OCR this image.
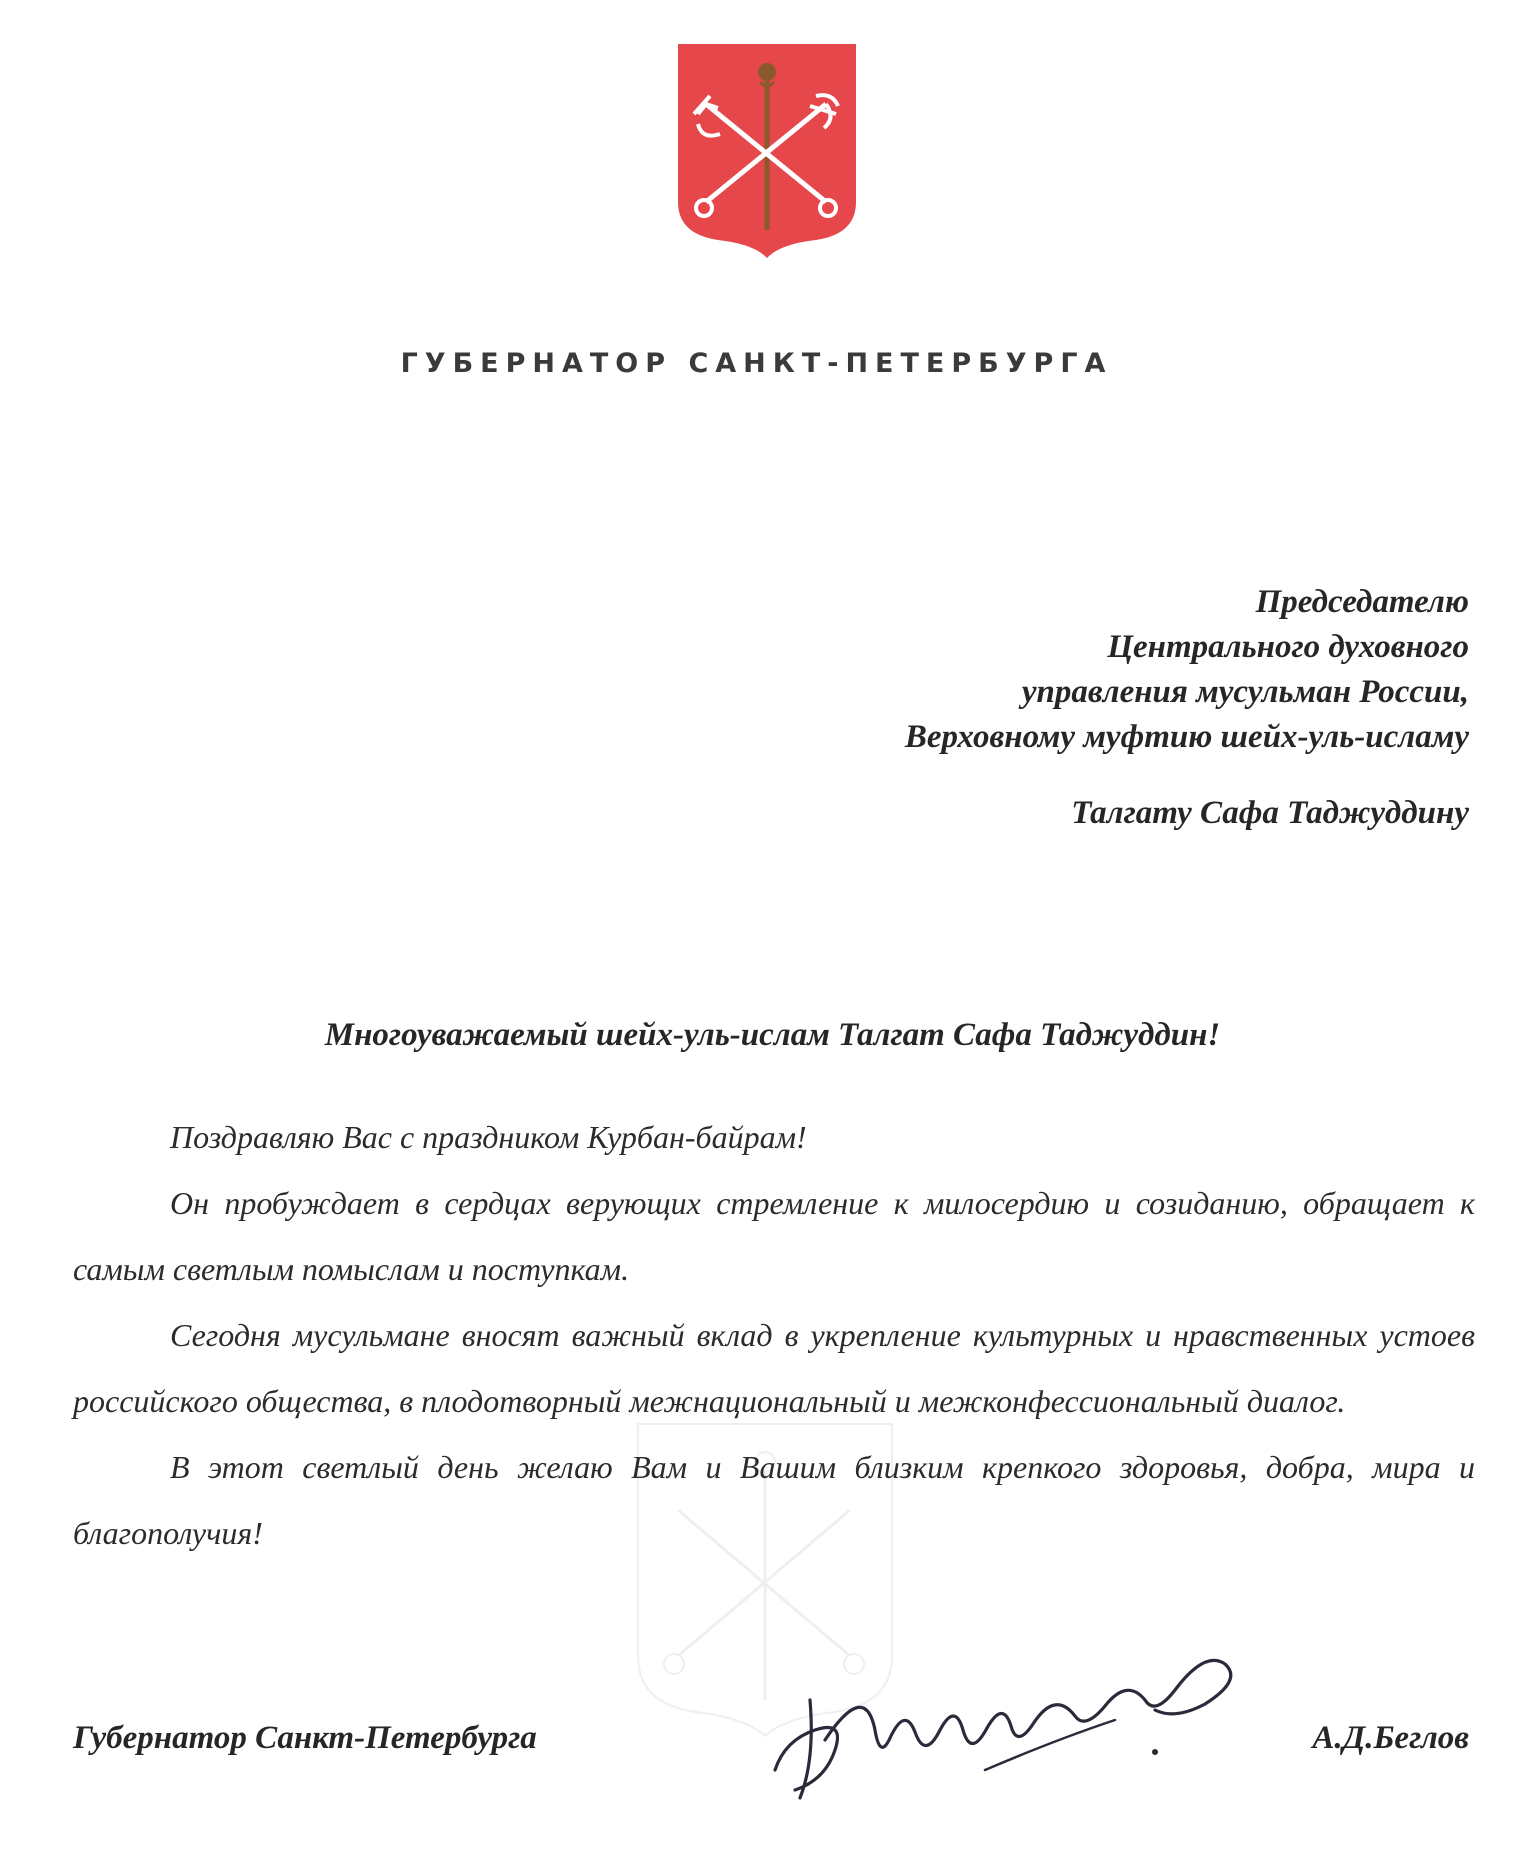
ГУБЕРНАТОР САНКТ-ПЕТЕРБУРГА
Председателю
Центрального духовного
управления мусульман России,
Верховному муфтию шейх-уль-исламу
Талгату Сафа Таджуддину
Многоуважаемый шейх-уль-ислам Талгат Сафа Таджуддин!

Поздравляю Вас с праздником Курбан-байрам!

Он пробуждает в сердцах верующих стремление к милосердию и созиданию, обращает к самым светлым помыслам и поступкам.

Сегодня мусульмане вносят важный вклад в укрепление культурных и нравственных устоев российского общества, в плодотворный межнациональный и межконфессиональный диалог.

В этот светлый день желаю Вам и Вашим близким крепкого здоровья, добра, мира и благополучия!

Губернатор Санкт-Петербурга	А.Д.Беглов
